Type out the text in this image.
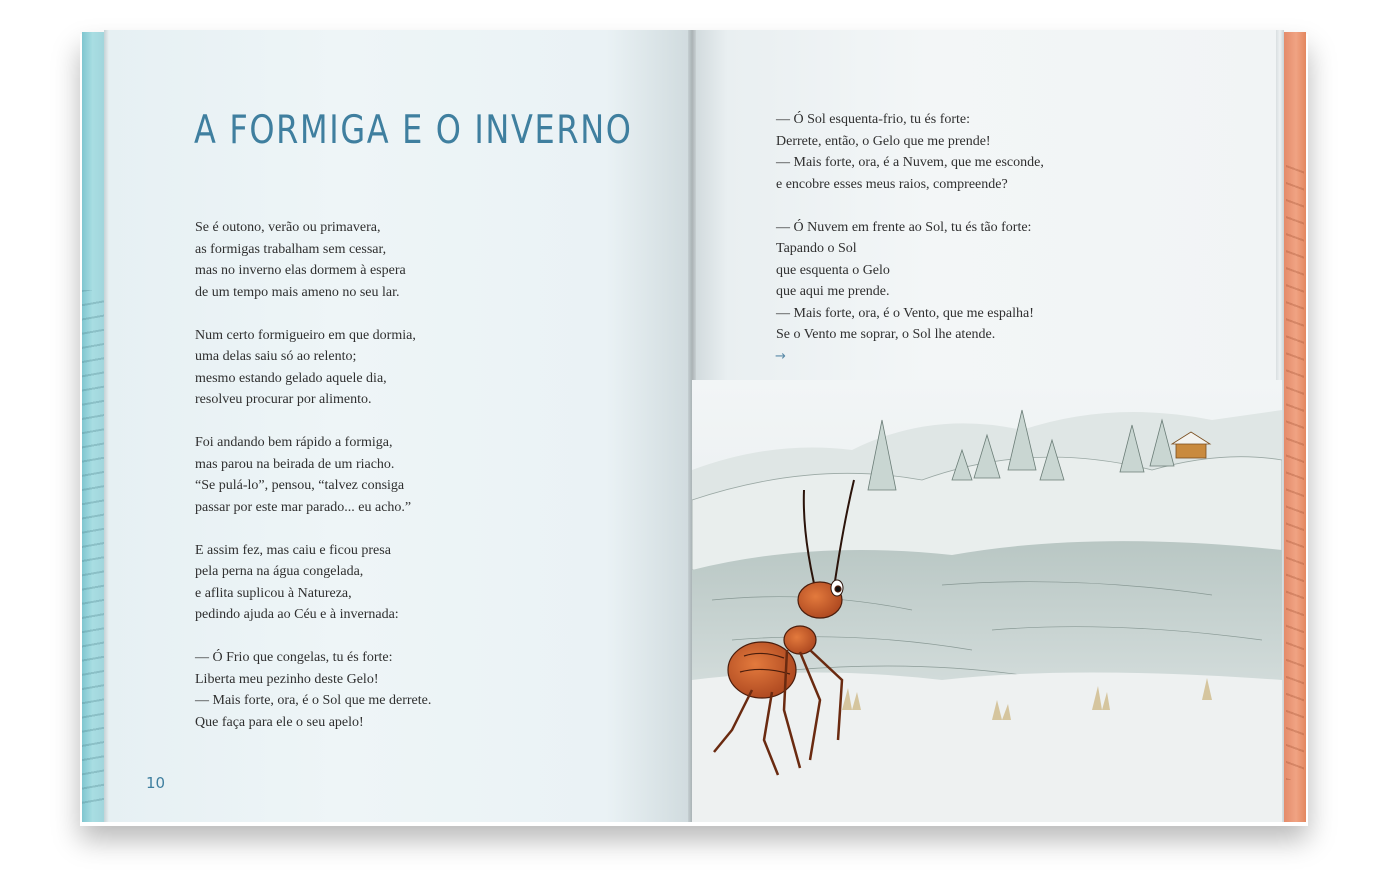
A FORMIGA E O INVERNO
Se é outono, verão ou primavera,
as formigas trabalham sem cessar,
mas no inverno elas dormem à espera
de um tempo mais ameno no seu lar.
Num certo formigueiro em que dormia,
uma delas saiu só ao relento;
mesmo estando gelado aquele dia,
resolveu procurar por alimento.
Foi andando bem rápido a formiga,
mas parou na beirada de um riacho.
“Se pulá-lo”, pensou, “talvez consiga
passar por este mar parado... eu acho.”
E assim fez, mas caiu e ficou presa
pela perna na água congelada,
e aflita suplicou à Natureza,
pedindo ajuda ao Céu e à invernada:
— Ó Frio que congelas, tu és forte:
Liberta meu pezinho deste Gelo!
— Mais forte, ora, é o Sol que me derrete.
Que faça para ele o seu apelo!
10
— Ó Sol esquenta-frio, tu és forte:
Derrete, então, o Gelo que me prende!
— Mais forte, ora, é a Nuvem, que me esconde,
e encobre esses meus raios, compreende?
— Ó Nuvem em frente ao Sol, tu és tão forte:
Tapando o Sol
que esquenta o Gelo
que aqui me prende.
— Mais forte, ora, é o Vento, que me espalha!
Se o Vento me soprar, o Sol lhe atende.
→
